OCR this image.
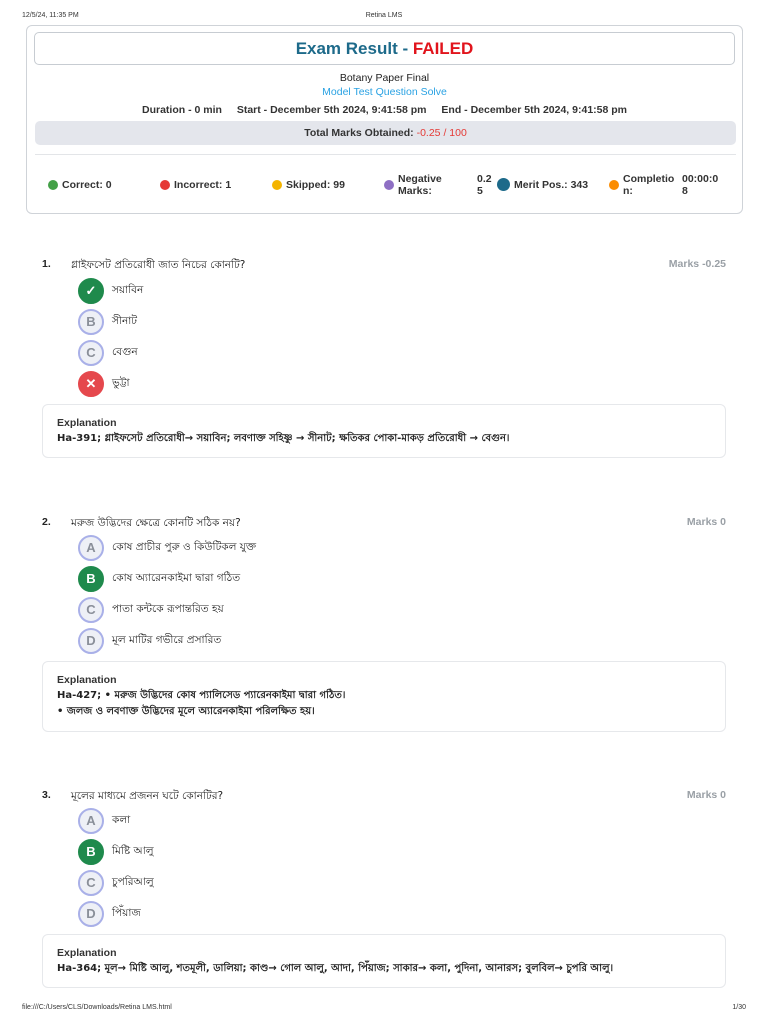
12/5/24, 11:35 PM	Retina LMS
Exam Result - FAILED
Botany Paper Final
Model Test Question Solve
Duration - 0 min Start - December 5th 2024, 9:41:58 pm End - December 5th 2024, 9:41:58 pm
Total Marks Obtained: -0.25 / 100
Correct: 0	Incorrect: 1	Skipped: 99	Negative Marks:
0.25	Merit Pos.: 343	Completion:
00:00:08
1. গ্লাইফসেট প্রতিরোধী জাত নিচের কোনটি?	Marks -0.25
✓	সয়াবিন
B	সীনাট
C	বেগুন
✕	ভুট্টা
Explanation
Ha-391; গ্লাইফসেট প্রতিরোধী→ সয়াবিন; লবণাক্ত সহিষ্ণু → সীনাট; ক্ষতিকর পোকা-মাকড় প্রতিরোধী → বেগুন।
2. মরুজ উদ্ভিদের ক্ষেত্রে কোনটি সঠিক নয়?	Marks 0
A	কোষ প্রাচীর পুরু ও কিউটিকল যুক্ত
B	কোষ অ্যারেনকাইমা দ্বারা গঠিত
C	পাতা কন্টকে রূপান্তরিত হয়
D	মূল মাটির গভীরে প্রসারিত
Explanation
Ha-427; • মরুজ উদ্ভিদের কোষ প্যালিসেড প্যারেনকাইমা দ্বারা গঠিত।
• জলজ ও লবণাক্ত উদ্ভিদের মূলে অ্যারেনকাইমা পরিলক্ষিত হয়।
3. মূলের মাধ্যমে প্রজনন ঘটে কোনটির?	Marks 0
A	কলা
B	মিষ্টি আলু
C	চুপরিআলু
D	পিঁয়াজ
Explanation
Ha-364; মূল→ মিষ্টি আলু, শতমূলী, ডালিয়া; কাণ্ড→ গোল আলু, আদা, পিঁয়াজ; সাকার→ কলা, পুদিনা, আনারস; বুলবিল→ চুপরি আলু।
file:///C:/Users/CLS/Downloads/Retina LMS.html	1/30
